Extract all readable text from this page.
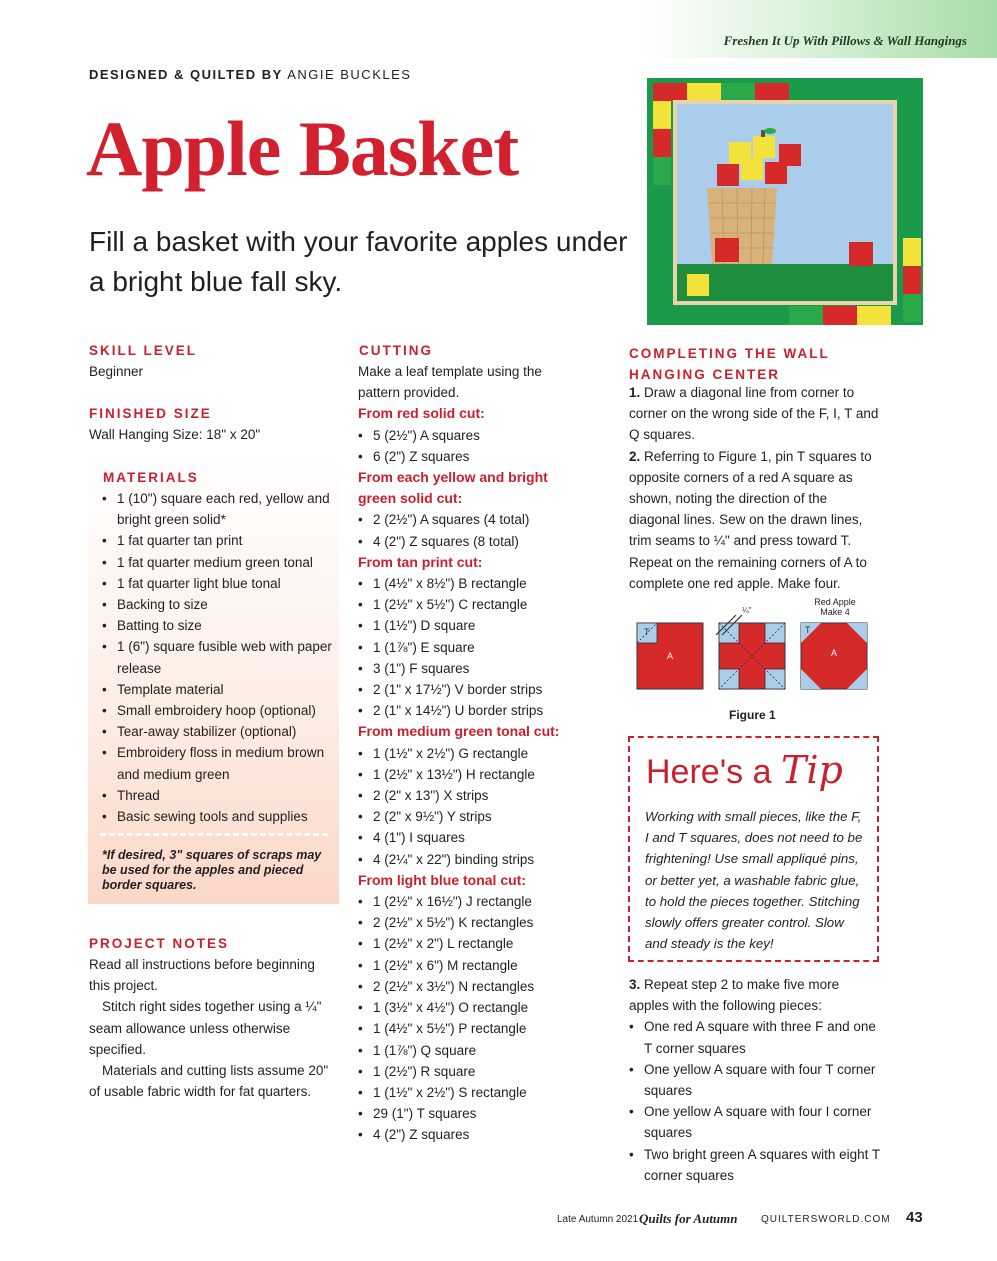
Freshen It Up With Pillows & Wall Hangings
DESIGNED & QUILTED BY ANGIE BUCKLES
Apple Basket
Fill a basket with your favorite apples under a bright blue fall sky.
SKILL LEVEL
Beginner
FINISHED SIZE
Wall Hanging Size: 18" x 20"
MATERIALS
• 1 (10") square each red, yellow and bright green solid*
• 1 fat quarter tan print
• 1 fat quarter medium green tonal
• 1 fat quarter light blue tonal
• Backing to size
• Batting to size
• 1 (6") square fusible web with paper release
• Template material
• Small embroidery hoop (optional)
• Tear-away stabilizer (optional)
• Embroidery floss in medium brown and medium green
• Thread
• Basic sewing tools and supplies
*If desired, 3" squares of scraps may be used for the apples and pieced border squares.
PROJECT NOTES

Read all instructions before beginning this project.

Stitch right sides together using a ¼" seam allowance unless otherwise specified.

Materials and cutting lists assume 20" of usable fabric width for fat quarters.

CUTTING

Make a leaf template using the pattern provided.

From red solid cut:

• 5 (2½") A squares
• 6 (2") Z squares

From each yellow and bright green solid cut:

• 2 (2½") A squares (4 total)
• 4 (2") Z squares (8 total)

From tan print cut:

• 1 (4½" x 8½") B rectangle
• 1 (2½" x 5½") C rectangle
• 1 (1½") D square
• 1 (1⅞") E square
• 3 (1") F squares
• 2 (1" x 17½") V border strips
• 2 (1" x 14½") U border strips

From medium green tonal cut:

• 1 (1½" x 2½") G rectangle
• 1 (2½" x 13½") H rectangle
• 2 (2" x 13") X strips
• 2 (2" x 9½") Y strips
• 4 (1") I squares
• 4 (2¼" x 22") binding strips

From light blue tonal cut:

• 1 (2½" x 16½") J rectangle
• 2 (2½" x 5½") K rectangles
• 1 (2½" x 2") L rectangle
• 1 (2½" x 6") M rectangle
• 2 (2½" x 3½") N rectangles
• 1 (3½" x 4½") O rectangle
• 1 (4½" x 5½") P rectangle
• 1 (1⅞") Q square
• 1 (2½") R square
• 1 (1½" x 2½") S rectangle
• 29 (1") T squares
• 4 (2") Z squares
COMPLETING THE WALL HANGING CENTER

1. Draw a diagonal line from corner to corner on the wrong side of the F, I, T and Q squares.

2. Referring to Figure 1, pin T squares to opposite corners of a red A square as shown, noting the direction of the diagonal lines. Sew on the drawn lines, trim seams to ¼" and press toward T. Repeat on the remaining corners of A to complete one red apple. Make four.

T
A
¼"
T
A
Red Apple
Make 4
Figure 1
Here's a Tip
Working with small pieces, like the F, I and T squares, does not need to be frightening! Use small appliqué pins, or better yet, a washable fabric glue, to hold the pieces together. Stitching slowly offers greater control. Slow and steady is the key!

3. Repeat step 2 to make five more apples with the following pieces:

• One red A square with three F and one T corner squares
• One yellow A square with four T corner squares
• One yellow A square with four I corner squares
• Two bright green A squares with eight T corner squares
Late Autumn 2021 Quilts for Autumn QUILTERSWORLD.COM 43
